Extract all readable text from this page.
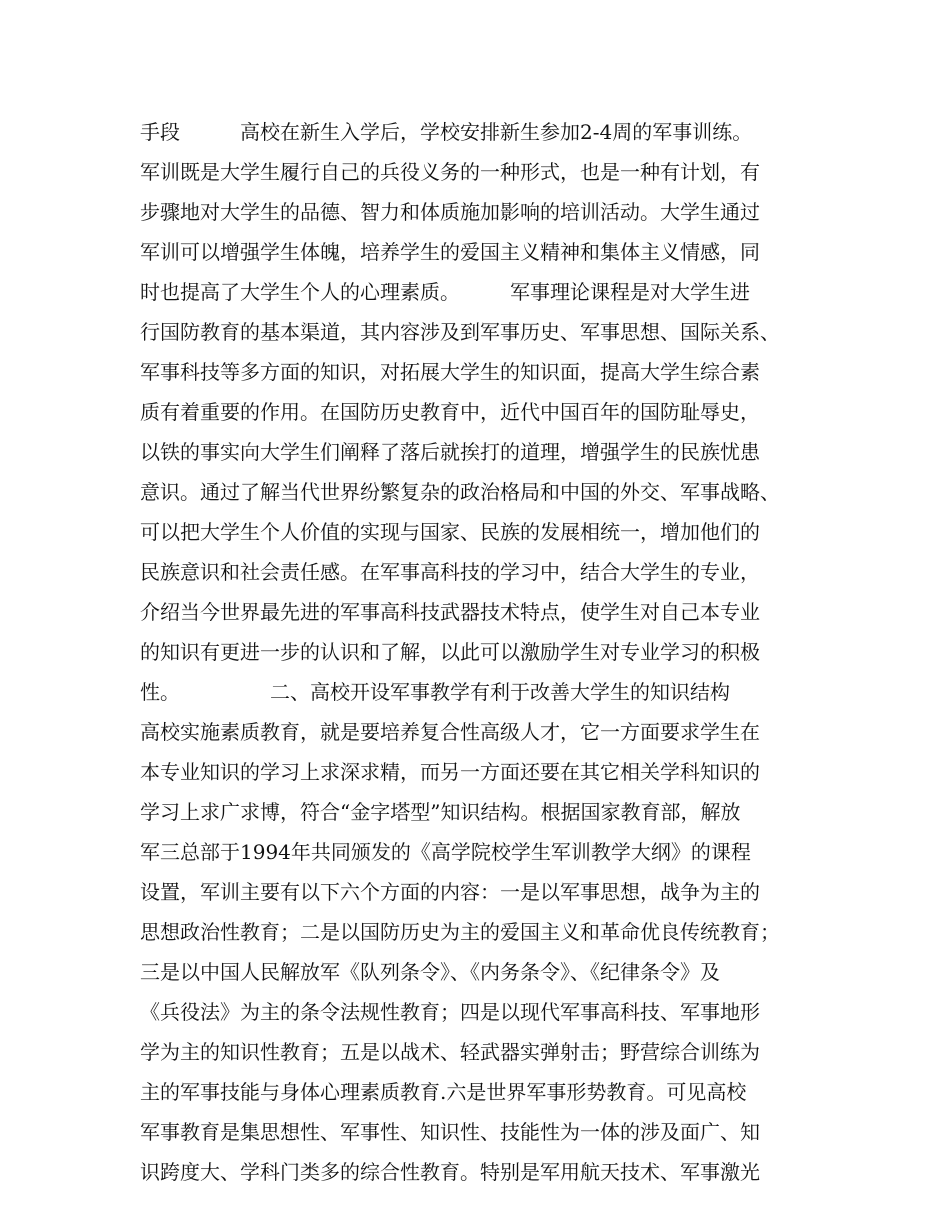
手段　　　高校在新生入学后，学校安排新生参加2-4周的军事训练。
军训既是大学生履行自己的兵役义务的一种形式，也是一种有计划，有
步骤地对大学生的品德、智力和体质施加影响的培训活动。大学生通过
军训可以增强学生体魄，培养学生的爱国主义精神和集体主义情感，同
时也提高了大学生个人的心理素质。　　　军事理论课程是对大学生进
行国防教育的基本渠道，其内容涉及到军事历史、军事思想、国际关系、
军事科技等多方面的知识，对拓展大学生的知识面，提高大学生综合素
质有着重要的作用。在国防历史教育中，近代中国百年的国防耻辱史，
以铁的事实向大学生们阐释了落后就挨打的道理，增强学生的民族忧患
意识。通过了解当代世界纷繁复杂的政治格局和中国的外交、军事战略、
可以把大学生个人价值的实现与国家、民族的发展相统一，增加他们的
民族意识和社会责任感。在军事高科技的学习中，结合大学生的专业，
介绍当今世界最先进的军事高科技武器技术特点，使学生对自己本专业
的知识有更进一步的认识和了解，以此可以激励学生对专业学习的积极
性。　　　　　二、高校开设军事教学有利于改善大学生的知识结构
高校实施素质教育，就是要培养复合性高级人才，它一方面要求学生在
本专业知识的学习上求深求精，而另一方面还要在其它相关学科知识的
学习上求广求博，符合“金字塔型”知识结构。根据国家教育部，解放
军三总部于1994年共同颁发的《高学院校学生军训教学大纲》的课程
设置，军训主要有以下六个方面的内容：一是以军事思想，战争为主的
思想政治性教育；二是以国防历史为主的爱国主义和革命优良传统教育；
三是以中国人民解放军《队列条令》、《内务条令》、《纪律条令》及
《兵役法》为主的条令法规性教育；四是以现代军事高科技、军事地形
学为主的知识性教育；五是以战术、轻武器实弹射击；野营综合训练为
主的军事技能与身体心理素质教育.六是世界军事形势教育。可见高校
军事教育是集思想性、军事性、知识性、技能性为一体的涉及面广、知
识跨度大、学科门类多的综合性教育。特别是军用航天技术、军事激光
